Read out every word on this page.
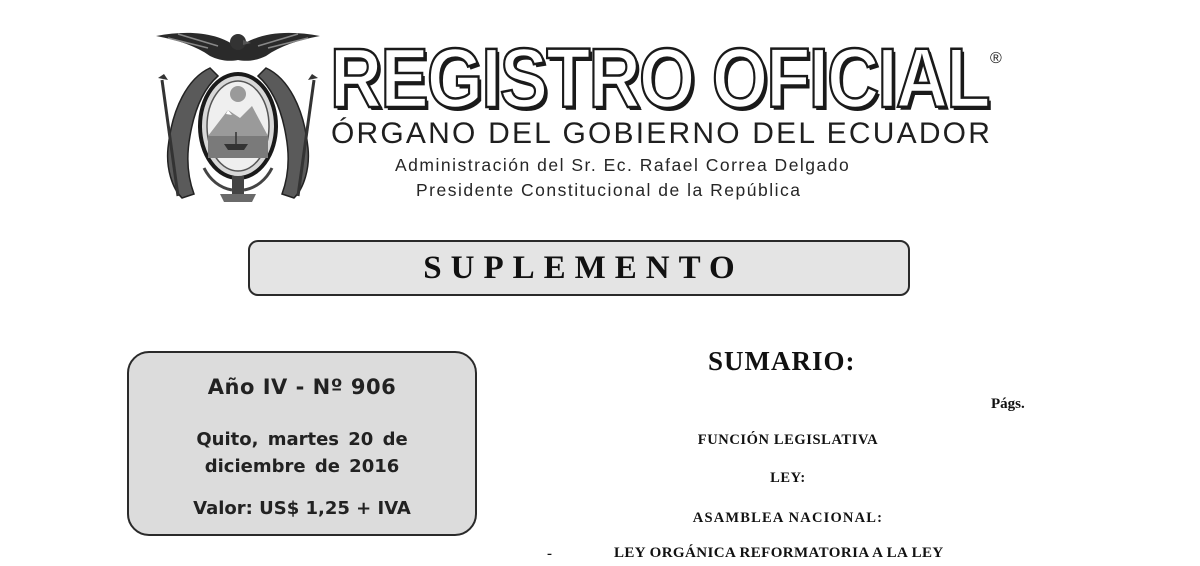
REGISTRO OFICIAL ®
ÓRGANO DEL GOBIERNO DEL ECUADOR
Administración del Sr. Ec. Rafael Correa Delgado
Presidente Constitucional de la República
SUPLEMENTO
Año IV - Nº 906
Quito, martes 20 de
diciembre de 2016
Valor: US$ 1,25 + IVA
SUMARIO:
Págs.
FUNCIÓN LEGISLATIVA
LEY:
ASAMBLEA NACIONAL:
-	LEY ORGÁNICA REFORMATORIA A LA LEY
